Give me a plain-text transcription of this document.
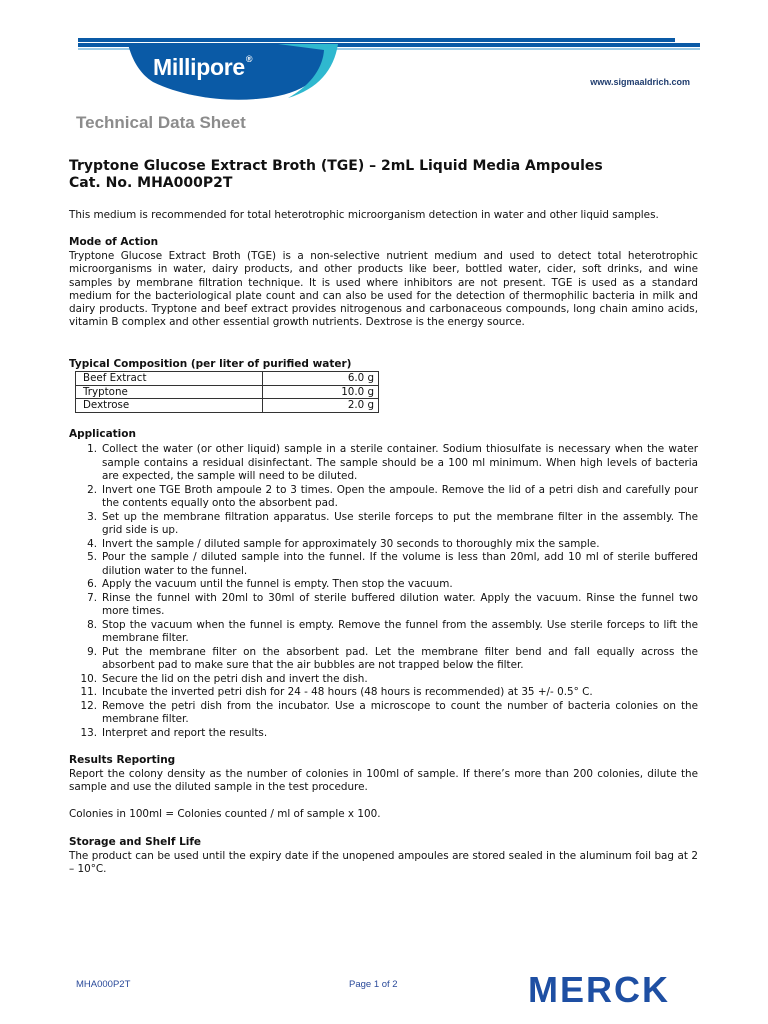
Millipore®
www.sigmaaldrich.com
Technical Data Sheet
Tryptone Glucose Extract Broth (TGE) – 2mL Liquid Media Ampoules
Cat. No. MHA000P2T
This medium is recommended for total heterotrophic microorganism detection in water and other liquid samples.
Mode of Action
Tryptone Glucose Extract Broth (TGE) is a non-selective nutrient medium and used to detect total heterotrophic microorganisms in water, dairy products, and other products like beer, bottled water, cider, soft drinks, and wine samples by membrane filtration technique. It is used where inhibitors are not present. TGE is used as a standard medium for the bacteriological plate count and can also be used for the detection of thermophilic bacteria in milk and dairy products. Tryptone and beef extract provides nitrogenous and carbonaceous compounds, long chain amino acids, vitamin B complex and other essential growth nutrients. Dextrose is the energy source.
Typical Composition (per liter of purified water)
Beef Extract	6.0 g
Tryptone	10.0 g
Dextrose	2.0 g
Application
1. Collect the water (or other liquid) sample in a sterile container. Sodium thiosulfate is necessary when the water sample contains a residual disinfectant. The sample should be a 100 ml minimum. When high levels of bacteria are expected, the sample will need to be diluted.
2. Invert one TGE Broth ampoule 2 to 3 times. Open the ampoule. Remove the lid of a petri dish and carefully pour the contents equally onto the absorbent pad.
3. Set up the membrane filtration apparatus. Use sterile forceps to put the membrane filter in the assembly. The grid side is up.
4. Invert the sample / diluted sample for approximately 30 seconds to thoroughly mix the sample.
5. Pour the sample / diluted sample into the funnel. If the volume is less than 20ml, add 10 ml of sterile buffered dilution water to the funnel.
6. Apply the vacuum until the funnel is empty. Then stop the vacuum.
7. Rinse the funnel with 20ml to 30ml of sterile buffered dilution water. Apply the vacuum. Rinse the funnel two more times.
8. Stop the vacuum when the funnel is empty. Remove the funnel from the assembly. Use sterile forceps to lift the membrane filter.
9. Put the membrane filter on the absorbent pad. Let the membrane filter bend and fall equally across the absorbent pad to make sure that the air bubbles are not trapped below the filter.
10. Secure the lid on the petri dish and invert the dish.
11. Incubate the inverted petri dish for 24 - 48 hours (48 hours is recommended) at 35 +/- 0.5° C.
12. Remove the petri dish from the incubator. Use a microscope to count the number of bacteria colonies on the membrane filter.
13. Interpret and report the results.
Results Reporting
Report the colony density as the number of colonies in 100ml of sample. If there’s more than 200 colonies, dilute the sample and use the diluted sample in the test procedure.
Colonies in 100ml = Colonies counted / ml of sample x 100.
Storage and Shelf Life
The product can be used until the expiry date if the unopened ampoules are stored sealed in the aluminum foil bag at 2 – 10°C.
MHA000P2T	Page 1 of 2	MERCK
